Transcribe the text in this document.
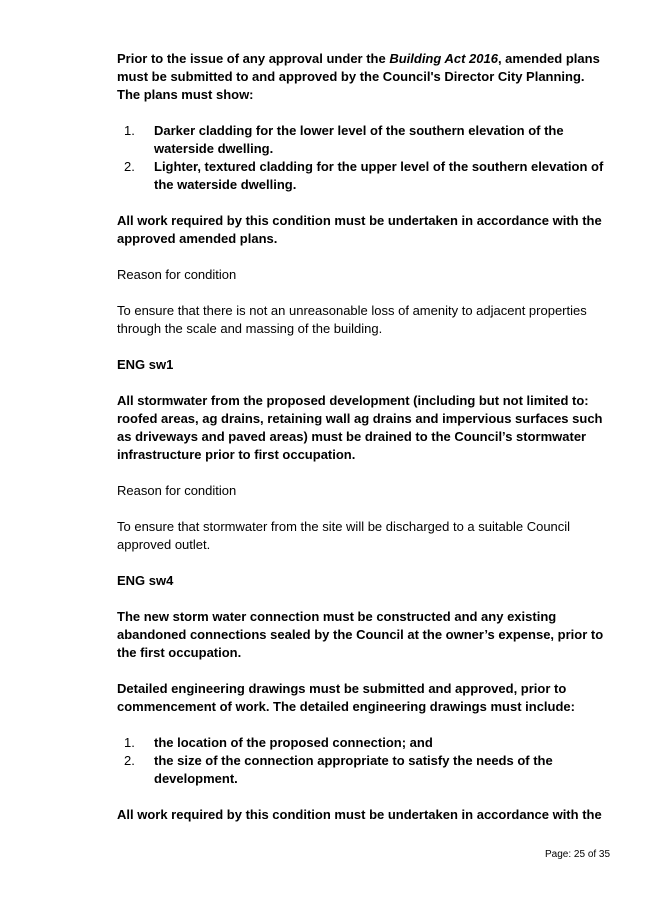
Prior to the issue of any approval under the Building Act 2016, amended plans must be submitted to and approved by the Council's Director City Planning. The plans must show:

1. Darker cladding for the lower level of the southern elevation of the waterside dwelling.
2. Lighter, textured cladding for the upper level of the southern elevation of the waterside dwelling.

All work required by this condition must be undertaken in accordance with the approved amended plans.

Reason for condition

To ensure that there is not an unreasonable loss of amenity to adjacent properties through the scale and massing of the building.

ENG sw1

All stormwater from the proposed development (including but not limited to: roofed areas, ag drains, retaining wall ag drains and impervious surfaces such as driveways and paved areas) must be drained to the Council’s stormwater infrastructure prior to first occupation.

Reason for condition

To ensure that stormwater from the site will be discharged to a suitable Council approved outlet.

ENG sw4

The new storm water connection must be constructed and any existing abandoned connections sealed by the Council at the owner’s expense, prior to the first occupation.

Detailed engineering drawings must be submitted and approved, prior to commencement of work. The detailed engineering drawings must include:

1. the location of the proposed connection; and
2. the size of the connection appropriate to satisfy the needs of the development.

All work required by this condition must be undertaken in accordance with the

Page: 25 of 35
